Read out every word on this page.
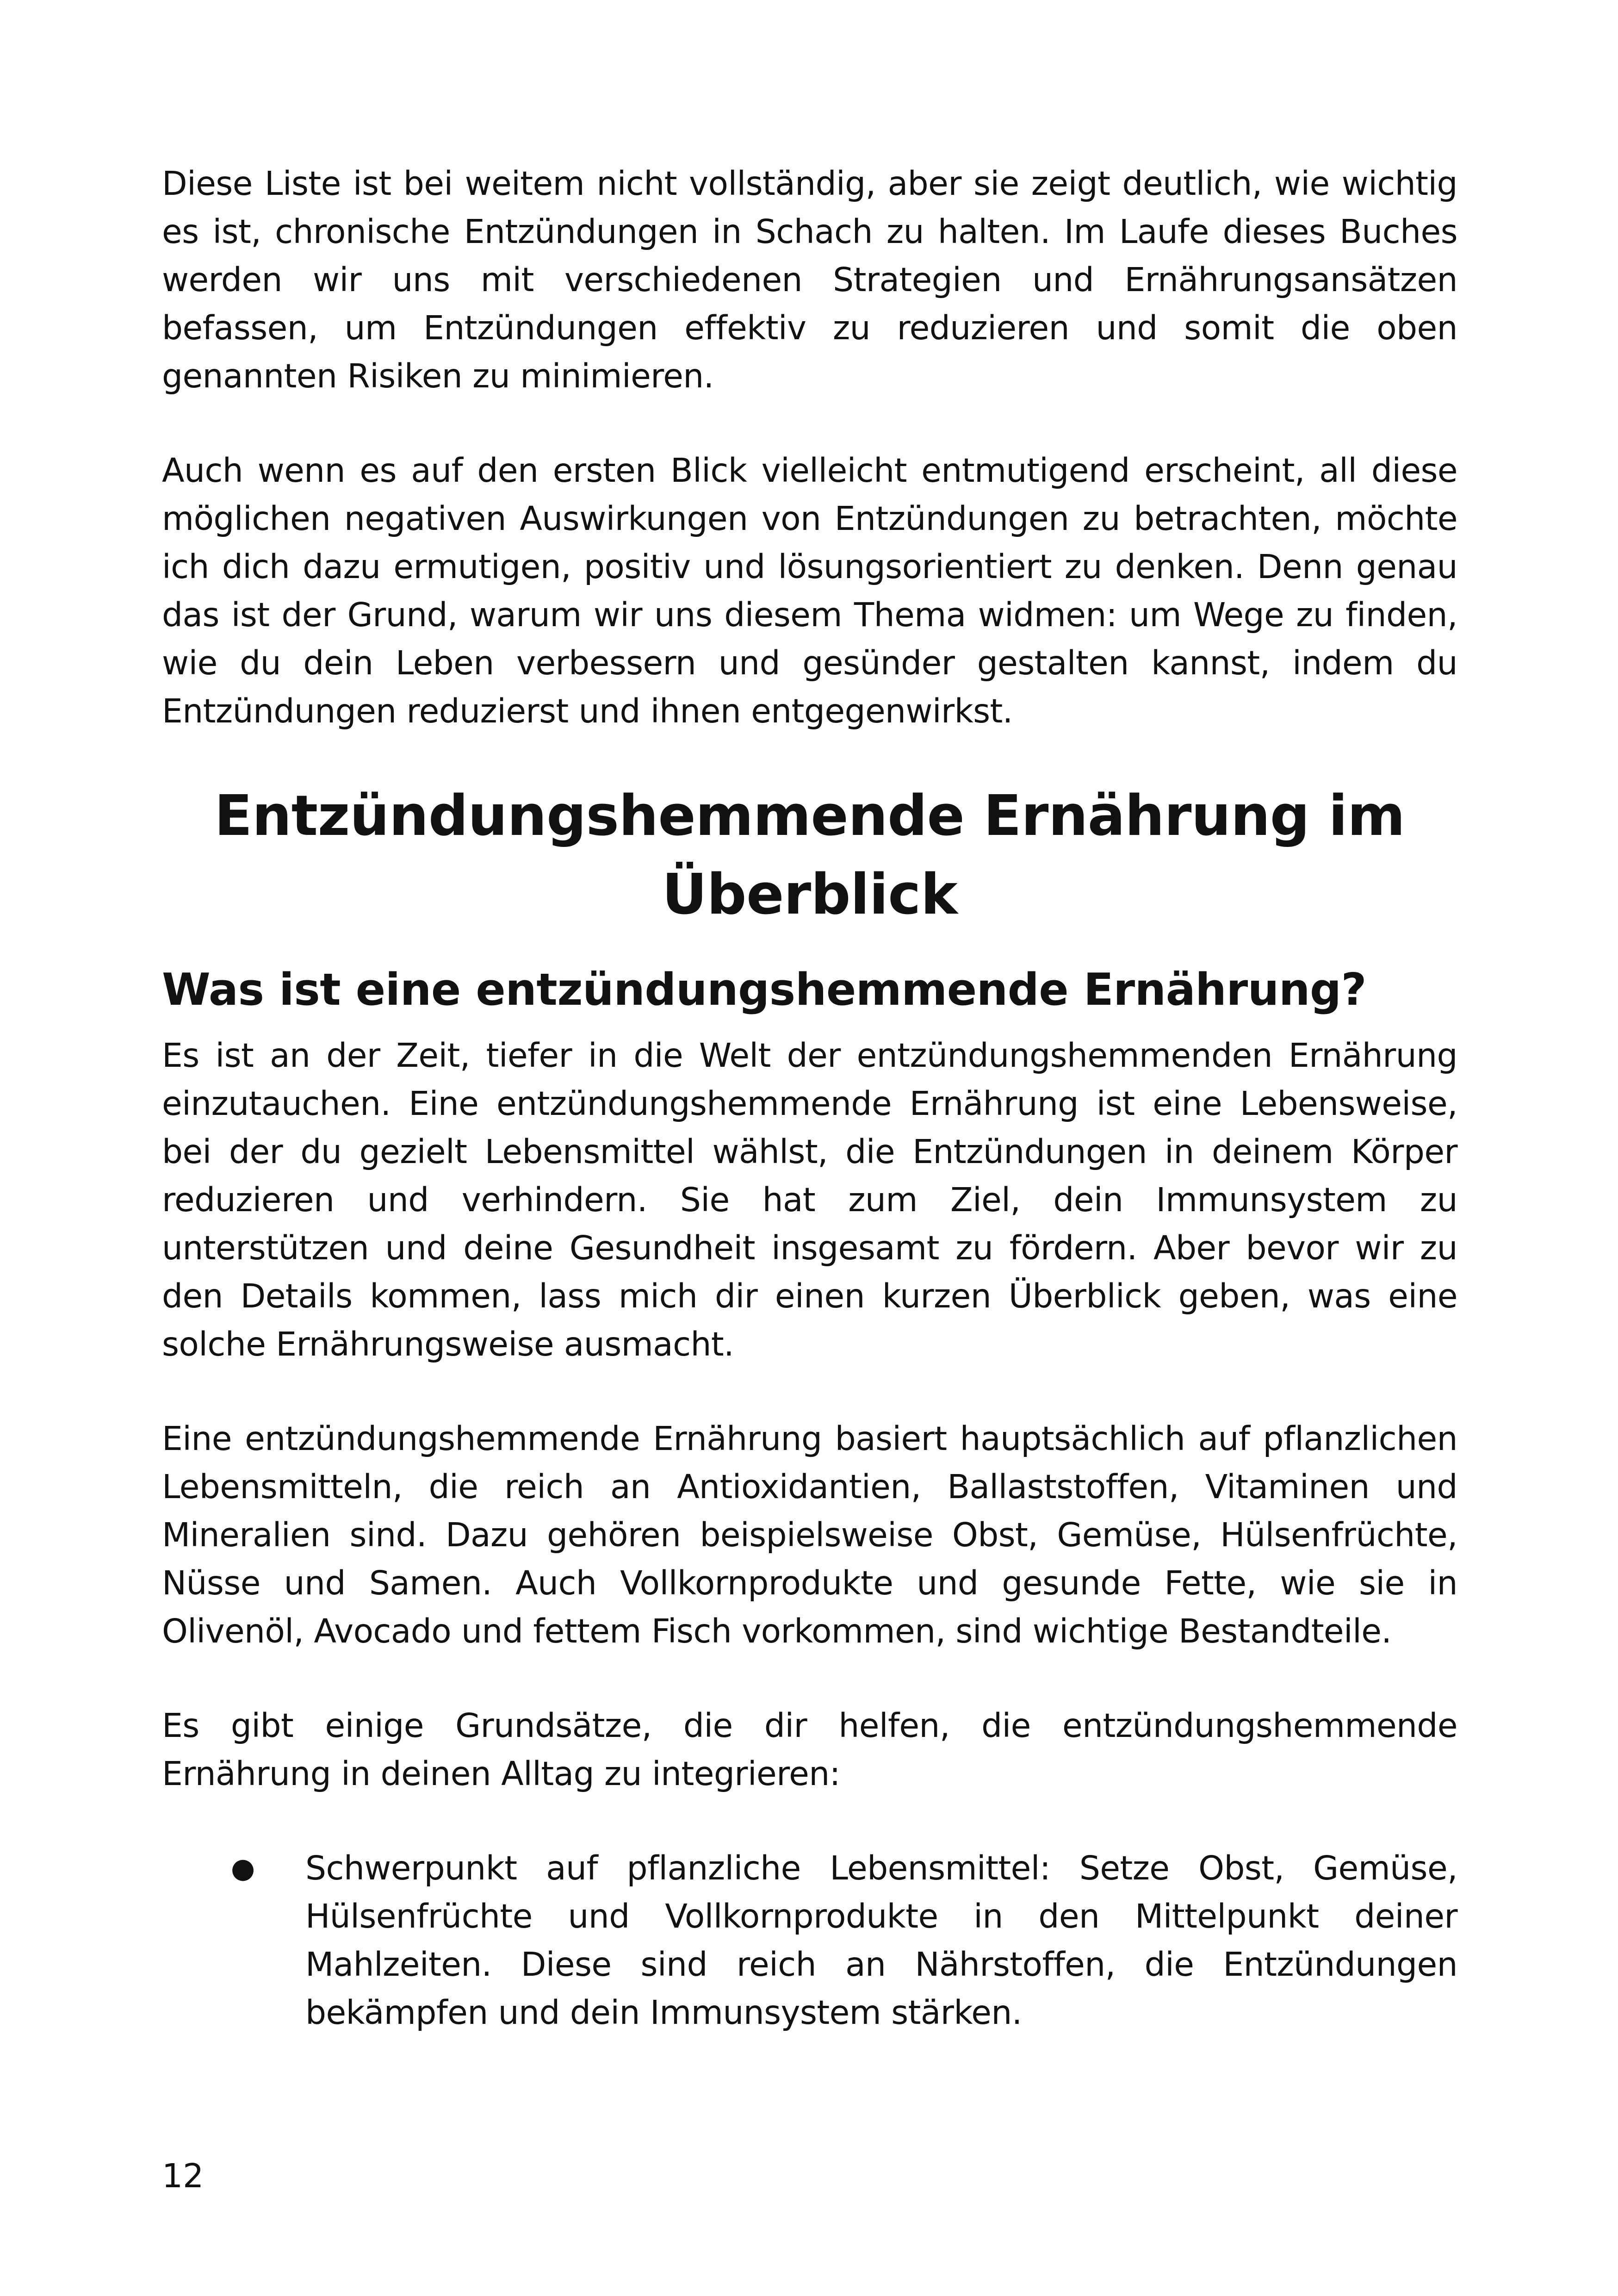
Diese Liste ist bei weitem nicht vollständig, aber sie zeigt deutlich, wie wichtig es ist, chronische Entzündungen in Schach zu halten. Im Laufe dieses Buches werden wir uns mit verschiedenen Strategien und Ernährungsansätzen befassen, um Entzündungen effektiv zu reduzieren und somit die oben genannten Risiken zu minimieren.

Auch wenn es auf den ersten Blick vielleicht entmutigend erscheint, all diese möglichen negativen Auswirkungen von Entzündungen zu betrachten, möchte ich dich dazu ermutigen, positiv und lösungsorientiert zu denken. Denn genau das ist der Grund, warum wir uns diesem Thema widmen: um Wege zu finden, wie du dein Leben verbessern und gesünder gestalten kannst, indem du Entzündungen reduzierst und ihnen entgegenwirkst.

Entzündungshemmende Ernährung im Überblick
Was ist eine entzündungshemmende Ernährung?

Es ist an der Zeit, tiefer in die Welt der entzündungshemmenden Ernährung einzutauchen. Eine entzündungshemmende Ernährung ist eine Lebensweise, bei der du gezielt Lebensmittel wählst, die Entzündungen in deinem Körper reduzieren und verhindern. Sie hat zum Ziel, dein Immunsystem zu unterstützen und deine Gesundheit insgesamt zu fördern. Aber bevor wir zu den Details kommen, lass mich dir einen kurzen Überblick geben, was eine solche Ernährungsweise ausmacht.

Eine entzündungshemmende Ernährung basiert hauptsächlich auf pflanzlichen Lebensmitteln, die reich an Antioxidantien, Ballaststoffen, Vitaminen und Mineralien sind. Dazu gehören beispielsweise Obst, Gemüse, Hülsenfrüchte, Nüsse und Samen. Auch Vollkornprodukte und gesunde Fette, wie sie in Olivenöl, Avocado und fettem Fisch vorkommen, sind wichtige Bestandteile.

Es gibt einige Grundsätze, die dir helfen, die entzündungshemmende Ernährung in deinen Alltag zu integrieren:

● Schwerpunkt auf pflanzliche Lebensmittel: Setze Obst, Gemüse, Hülsenfrüchte und Vollkornprodukte in den Mittelpunkt deiner Mahlzeiten. Diese sind reich an Nährstoffen, die Entzündungen bekämpfen und dein Immunsystem stärken.

12
